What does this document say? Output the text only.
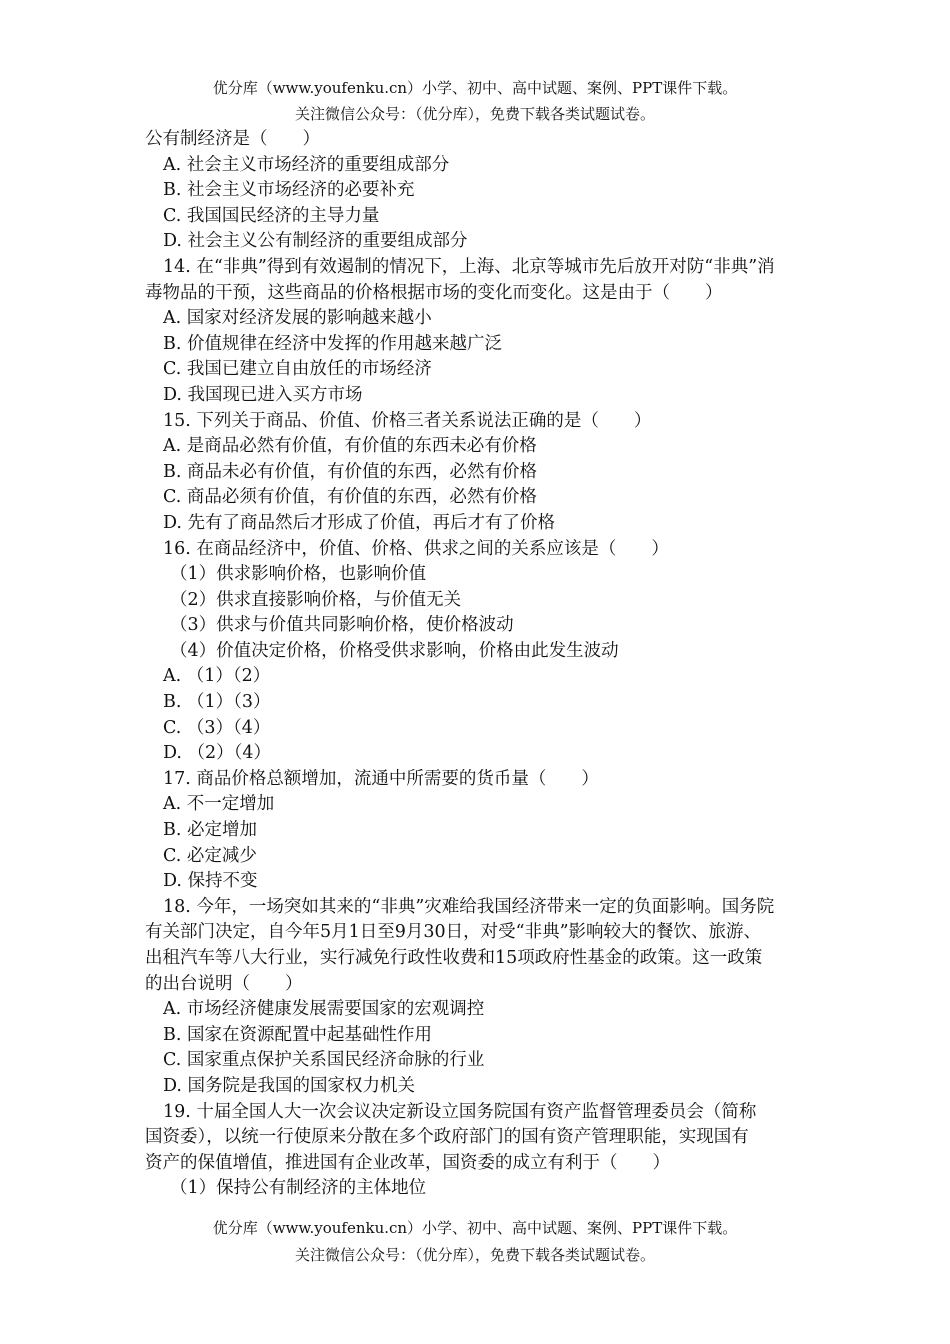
优分库（www.youfenku.cn）小学、初中、高中试题、案例、PPT课件下载。
关注微信公众号：（优分库），免费下载各类试题试卷。
公有制经济是（　　）
A. 社会主义市场经济的重要组成部分
B. 社会主义市场经济的必要补充
C. 我国国民经济的主导力量
D. 社会主义公有制经济的重要组成部分
14. 在“非典”得到有效遏制的情况下，上海、北京等城市先后放开对防“非典”消
毒物品的干预，这些商品的价格根据市场的变化而变化。这是由于（　　）
A. 国家对经济发展的影响越来越小
B. 价值规律在经济中发挥的作用越来越广泛
C. 我国已建立自由放任的市场经济
D. 我国现已进入买方市场
15. 下列关于商品、价值、价格三者关系说法正确的是（　　）
A. 是商品必然有价值，有价值的东西未必有价格
B. 商品未必有价值，有价值的东西，必然有价格
C. 商品必须有价值，有价值的东西，必然有价格
D. 先有了商品然后才形成了价值，再后才有了价格
16. 在商品经济中，价值、价格、供求之间的关系应该是（　　）
（1）供求影响价格，也影响价值
（2）供求直接影响价格，与价值无关
（3）供求与价值共同影响价格，使价格波动
（4）价值决定价格，价格受供求影响，价格由此发生波动
A. （1）（2）
B. （1）（3）
C. （3）（4）
D. （2）（4）
17. 商品价格总额增加，流通中所需要的货币量（　　）
A. 不一定增加
B. 必定增加
C. 必定减少
D. 保持不变
18. 今年，一场突如其来的“非典”灾难给我国经济带来一定的负面影响。国务院
有关部门决定，自今年5月1日至9月30日，对受“非典”影响较大的餐饮、旅游、
出租汽车等八大行业，实行减免行政性收费和15项政府性基金的政策。这一政策
的出台说明（　　）
A. 市场经济健康发展需要国家的宏观调控
B. 国家在资源配置中起基础性作用
C. 国家重点保护关系国民经济命脉的行业
D. 国务院是我国的国家权力机关
19. 十届全国人大一次会议决定新设立国务院国有资产监督管理委员会（简称
国资委），以统一行使原来分散在多个政府部门的国有资产管理职能，实现国有
资产的保值增值，推进国有企业改革，国资委的成立有利于（　　）
（1）保持公有制经济的主体地位
优分库（www.youfenku.cn）小学、初中、高中试题、案例、PPT课件下载。
关注微信公众号：（优分库），免费下载各类试题试卷。
